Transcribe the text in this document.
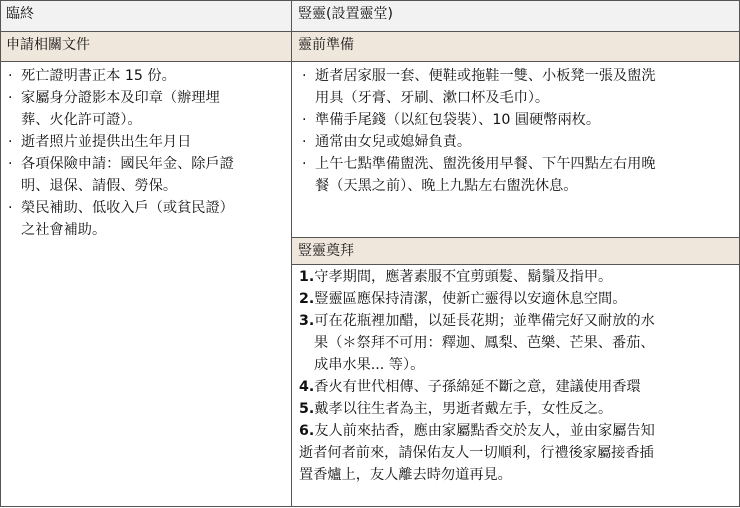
臨終	豎靈(設置靈堂)
申請相關文件	靈前準備
豎靈奠拜
· 死亡證明書正本 15 份。
· 家屬身分證影本及印章（辦理埋
葬、火化許可證）。
· 逝者照片並提供出生年月日
· 各項保險申請：國民年金、除戶證
明、退保、請假、勞保。
· 榮民補助、低收入戶（或貧民證）
之社會補助。
· 逝者居家服一套、便鞋或拖鞋一雙、小板凳一張及盥洗
用具（牙膏、牙刷、漱口杯及毛巾）。
· 準備手尾錢（以紅包袋裝）、10 圓硬幣兩枚。
· 通常由女兒或媳婦負責。
· 上午七點準備盥洗、盥洗後用早餐、下午四點左右用晚
餐（天黑之前）、晚上九點左右盥洗休息。
1.守孝期間，應著素服不宜剪頭髮、鬍鬚及指甲。
2.豎靈區應保持清潔，使新亡靈得以安適休息空間。
3.可在花瓶裡加醋，以延長花期；並準備完好又耐放的水
果（＊祭拜不可用：釋迦、鳳梨、芭樂、芒果、番茄、
成串水果... 等）。
4.香火有世代相傳、子孫綿延不斷之意，建議使用香環
5.戴孝以往生者為主，男逝者戴左手，女性反之。
6.友人前來拈香，應由家屬點香交於友人，並由家屬告知
逝者何者前來，請保佑友人一切順利，行禮後家屬接香插
置香爐上，友人離去時勿道再見。
